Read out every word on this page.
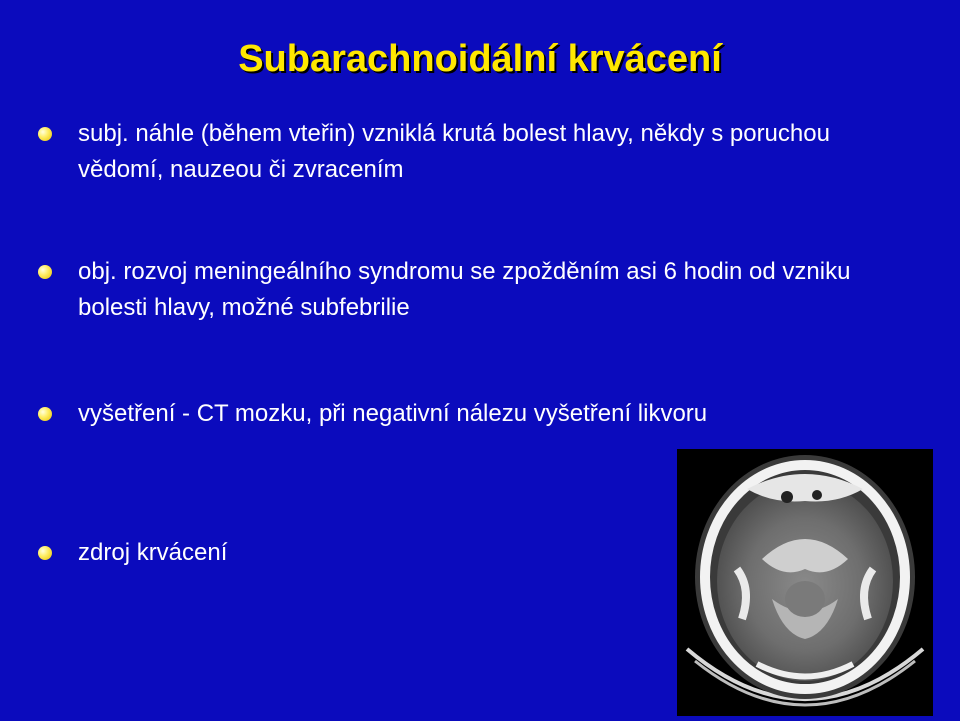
Subarachnoidální krvácení
subj. náhle (během vteřin) vzniklá krutá bolest hlavy, někdy s poruchou vědomí, nauzeou či zvracením
obj. rozvoj meningeálního syndromu se zpožděním asi 6 hodin od vzniku bolesti hlavy, možné subfebrilie
vyšetření - CT mozku, při negativní nálezu vyšetření likvoru
zdroj krvácení
